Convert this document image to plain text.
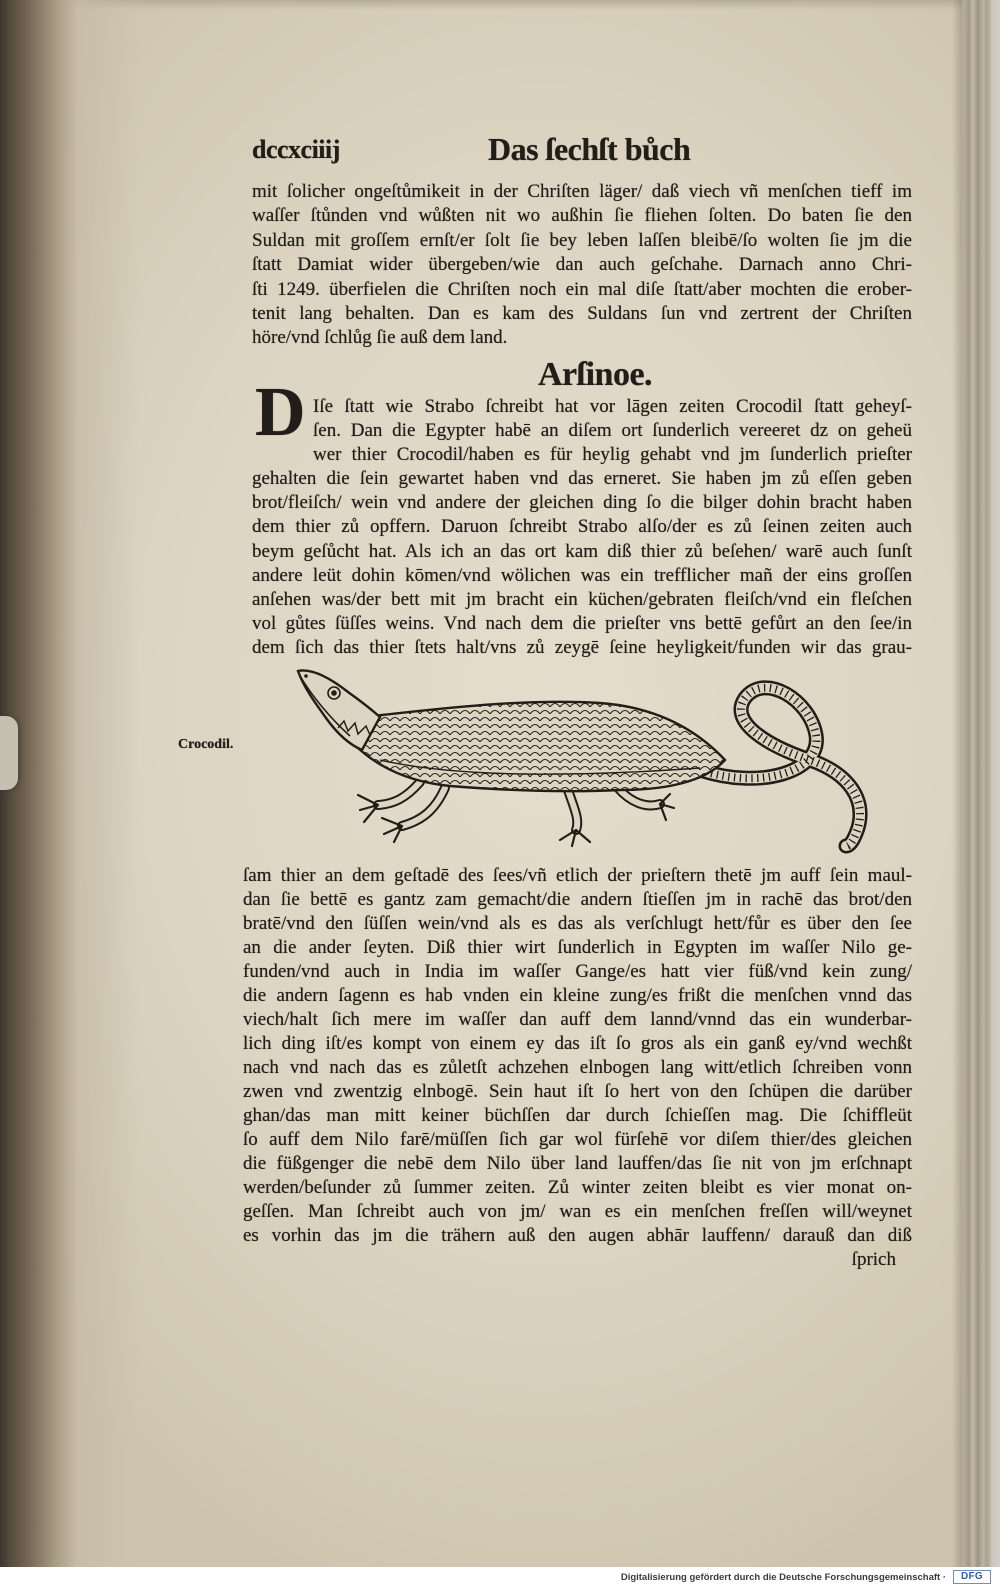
dccxciiij	Das ſechſt bůch
mit ſolicher ongeſtůmikeit in der Chriſten läger/ daß viech vñ menſchen tieff im
waſſer ſtůnden vnd wůßten nit wo außhin ſie fliehen ſolten. Do baten ſie den
Suldan mit groſſem ernſt/er ſolt ſie bey leben laſſen bleibē/ſo wolten ſie jm die
ſtatt Damiat wider übergeben/wie dan auch geſchahe. Darnach anno Chri-
ſti 1249. überfielen die Chriſten noch ein mal diſe ſtatt/aber mochten die erober-
tenit lang behalten. Dan es kam des Suldans ſun vnd zertrent der Chriſten
höre/vnd ſchlůg ſie auß dem land.
Arſinoe.
D Iſe ſtatt wie Strabo ſchreibt hat vor lāgen zeiten Crocodil ſtatt geheyſ-
ſen. Dan die Egypter habē an diſem ort ſunderlich vereeret dz on geheü
wer thier Crocodil/haben es für heylig gehabt vnd jm ſunderlich prieſter
gehalten die ſein gewartet haben vnd das erneret. Sie haben jm zů eſſen geben
brot/fleiſch/ wein vnd andere der gleichen ding ſo die bilger dohin bracht haben
dem thier zů opffern. Daruon ſchreibt Strabo alſo/der es zů ſeinen zeiten auch
beym geſůcht hat. Als ich an das ort kam diß thier zů beſehen/ warē auch ſunſt
andere leüt dohin kōmen/vnd wölichen was ein trefflicher mañ der eins groſſen
anſehen was/der bett mit jm bracht ein küchen/gebraten fleiſch/vnd ein fleſchen
vol gůtes ſüſſes weins. Vnd nach dem die prieſter vns bettē gefůrt an den ſee/in
dem ſich das thier ſtets halt/vns zů zeygē ſeine heyligkeit/funden wir das grau-
Crocodil.
ſam thier an dem geſtadē des ſees/vñ etlich der prieſtern thetē jm auff ſein maul-
dan ſie bettē es gantz zam gemacht/die andern ſtieſſen jm in rachē das brot/den
bratē/vnd den ſüſſen wein/vnd als es das als verſchlugt hett/fůr es über den ſee
an die ander ſeyten. Diß thier wirt ſunderlich in Egypten im waſſer Nilo ge-
funden/vnd auch in India im waſſer Gange/es hatt vier füß/vnd kein zung/
die andern ſagenn es hab vnden ein kleine zung/es frißt die menſchen vnnd das
viech/halt ſich mere im waſſer dan auff dem lannd/vnnd das ein wunderbar-
lich ding iſt/es kompt von einem ey das iſt ſo gros als ein ganß ey/vnd wechßt
nach vnd nach das es zůletſt achzehen elnbogen lang witt/etlich ſchreiben vonn
zwen vnd zwentzig elnbogē. Sein haut iſt ſo hert von den ſchüpen die darüber
ghan/das man mitt keiner büchſſen dar durch ſchieſſen mag. Die ſchiffleüt
ſo auff dem Nilo farē/müſſen ſich gar wol fürſehē vor diſem thier/des gleichen
die füßgenger die nebē dem Nilo über land lauffen/das ſie nit von jm erſchnapt
werden/beſunder zů ſummer zeiten. Zů winter zeiten bleibt es vier monat on-
geſſen. Man ſchreibt auch von jm/ wan es ein menſchen freſſen will/weynet
es vorhin das jm die trähern auß den augen abhār lauffenn/ darauß dan diß
ſprich
Digitalisierung gefördert durch die Deutsche Forschungsgemeinschaft ·	DFG
